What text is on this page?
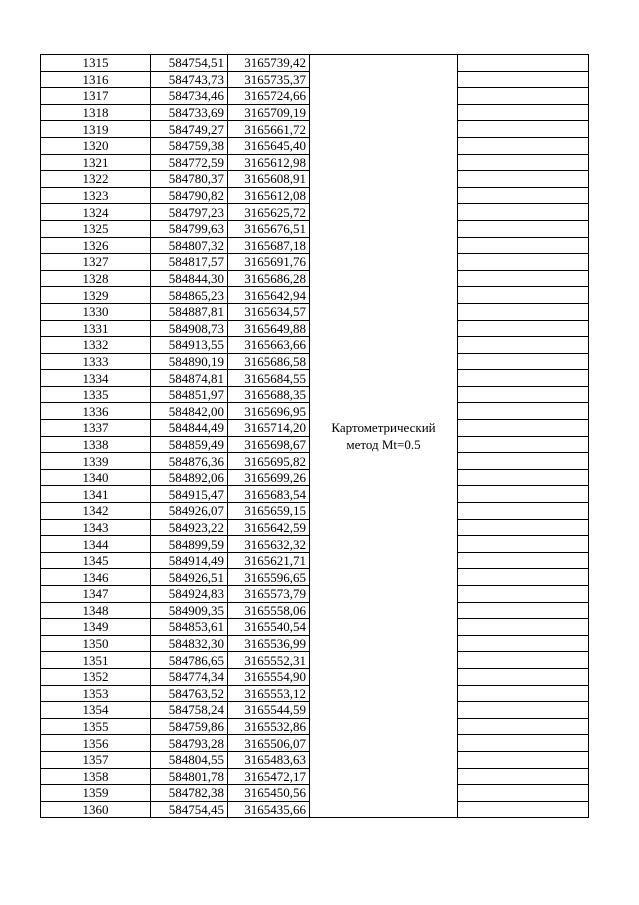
1315	584754,51	3165739,42	Картометрический метод Mt=0.5	
1316	584743,73	3165735,37		
1317	584734,46	3165724,66		
1318	584733,69	3165709,19		
1319	584749,27	3165661,72		
1320	584759,38	3165645,40		
1321	584772,59	3165612,98		
1322	584780,37	3165608,91		
1323	584790,82	3165612,08		
1324	584797,23	3165625,72		
1325	584799,63	3165676,51		
1326	584807,32	3165687,18		
1327	584817,57	3165691,76		
1328	584844,30	3165686,28		
1329	584865,23	3165642,94		
1330	584887,81	3165634,57		
1331	584908,73	3165649,88		
1332	584913,55	3165663,66		
1333	584890,19	3165686,58		
1334	584874,81	3165684,55		
1335	584851,97	3165688,35		
1336	584842,00	3165696,95		
1337	584844,49	3165714,20		
1338	584859,49	3165698,67		
1339	584876,36	3165695,82		
1340	584892,06	3165699,26		
1341	584915,47	3165683,54		
1342	584926,07	3165659,15		
1343	584923,22	3165642,59		
1344	584899,59	3165632,32		
1345	584914,49	3165621,71		
1346	584926,51	3165596,65		
1347	584924,83	3165573,79		
1348	584909,35	3165558,06		
1349	584853,61	3165540,54		
1350	584832,30	3165536,99		
1351	584786,65	3165552,31		
1352	584774,34	3165554,90		
1353	584763,52	3165553,12		
1354	584758,24	3165544,59		
1355	584759,86	3165532,86		
1356	584793,28	3165506,07		
1357	584804,55	3165483,63		
1358	584801,78	3165472,17		
1359	584782,38	3165450,56		
1360	584754,45	3165435,66		
